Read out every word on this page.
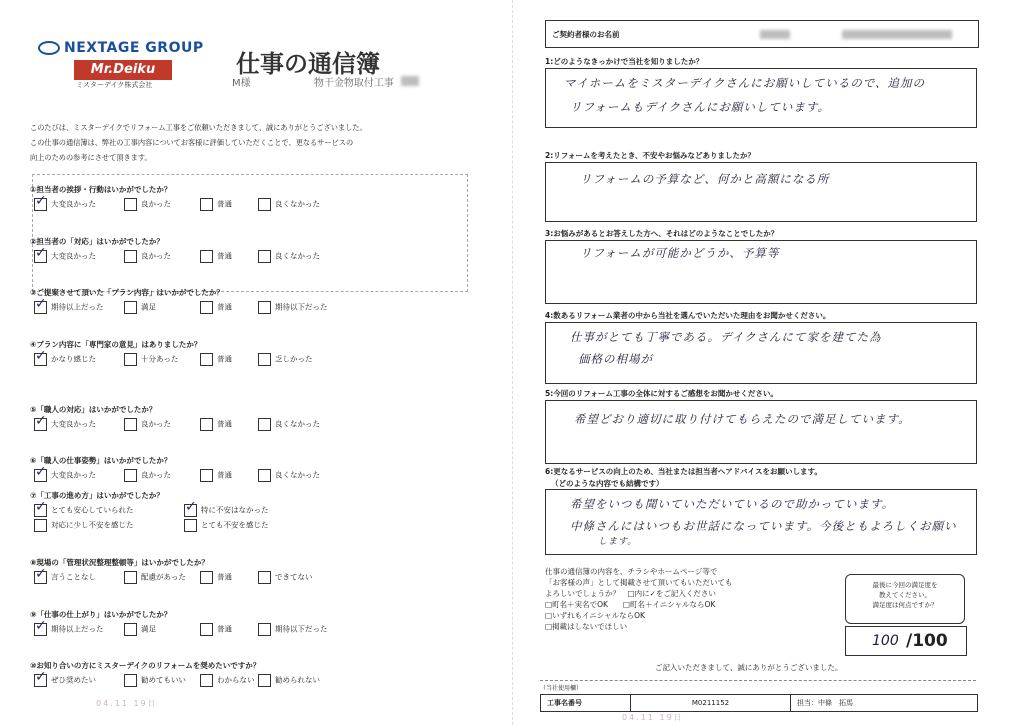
NEXTAGE GROUP
Mr.Deiku
ミスターデイク株式会社
仕事の通信簿
M様	物干金物取付工事
このたびは、ミスターデイクでリフォーム工事をご依頼いただきまして、誠にありがとうございました。
この仕事の通信簿は、弊社の工事内容についてお客様に評価していただくことで、更なるサービスの
向上のための参考にさせて頂きます。
①担当者の挨拶・行動はいかがでしたか？
✓ 大変良かった	良かった	普通	良くなかった
②担当者の「対応」はいかがでしたか？
✓ 大変良かった	良かった	普通	良くなかった
③ご提案させて頂いた「プラン内容」はいかがでしたか？
✓ 期待以上だった	満足	普通	期待以下だった
④プラン内容に「専門家の意見」はありましたか？
✓ かなり感じた	十分あった	普通	乏しかった
⑤「職人の対応」はいかがでしたか？
✓ 大変良かった	良かった	普通	良くなかった
⑥「職人の仕事姿勢」はいかがでしたか？
✓ 大変良かった	良かった	普通	良くなかった
⑧現場の「管理状況整理整頓等」はいかがでしたか？
✓ 言うことなし	配慮があった	普通	できてない
⑨「仕事の仕上がり」はいかがでしたか？
✓ 期待以上だった	満足	普通	期待以下だった
⑩お知り合いの方にミスターデイクのリフォームを奨めたいですか？
✓ ぜひ奨めたい	勧めてもいい	わからない	勧められない
⑦「工事の進め方」はいかがでしたか？
✓ とても安心していられた	✓ 特に不安はなかった
対応に少し不安を感じた	とても不安を感じた
04.11 19日
ご契約者様のお名前
1:どのようなきっかけで当社を知りましたか？
マイホームをミスターデイクさんにお願いしているので、追加の
リフォームもデイクさんにお願いしています。
2:リフォームを考えたとき、不安やお悩みなどありましたか？
リフォームの予算など、何かと高額になる所
3:お悩みがあるとお答えした方へ、それはどのようなことでしたか？
リフォームが可能かどうか、予算等
4:数あるリフォーム業者の中から当社を選んでいただいた理由をお聞かせください。
仕事がとても丁寧である。デイクさんにて家を建てた為
価格の相場が
5:今回のリフォーム工事の全体に対するご感想をお聞かせください。
希望どおり適切に取り付けてもらえたので満足しています。
6:更なるサービスの向上のため、当社または担当者へアドバイスをお願いします。
（どのような内容でも結構です）
希望をいつも聞いていただいているので助かっています。
中條さんにはいつもお世話になっています。今後ともよろしくお願い
します。
仕事の通信簿の内容を、チラシやホームページ等で
「お客様の声」として掲載させて頂いてもいただいても
よろしいでしょうか？　□内に✓をご記入ください
□町名＋実名でOK　　□町名＋イニシャルならOK
□いずれもイニシャルならOK
□掲載はしないでほしい
最後に今回の満足度を
教えてください。
満足度は何点ですか？
100 /100
ご記入いただきまして、誠にありがとうございました。
（当社使用欄）
工事名番号	M0211152	担当：中條　拓馬
04.11 19日
